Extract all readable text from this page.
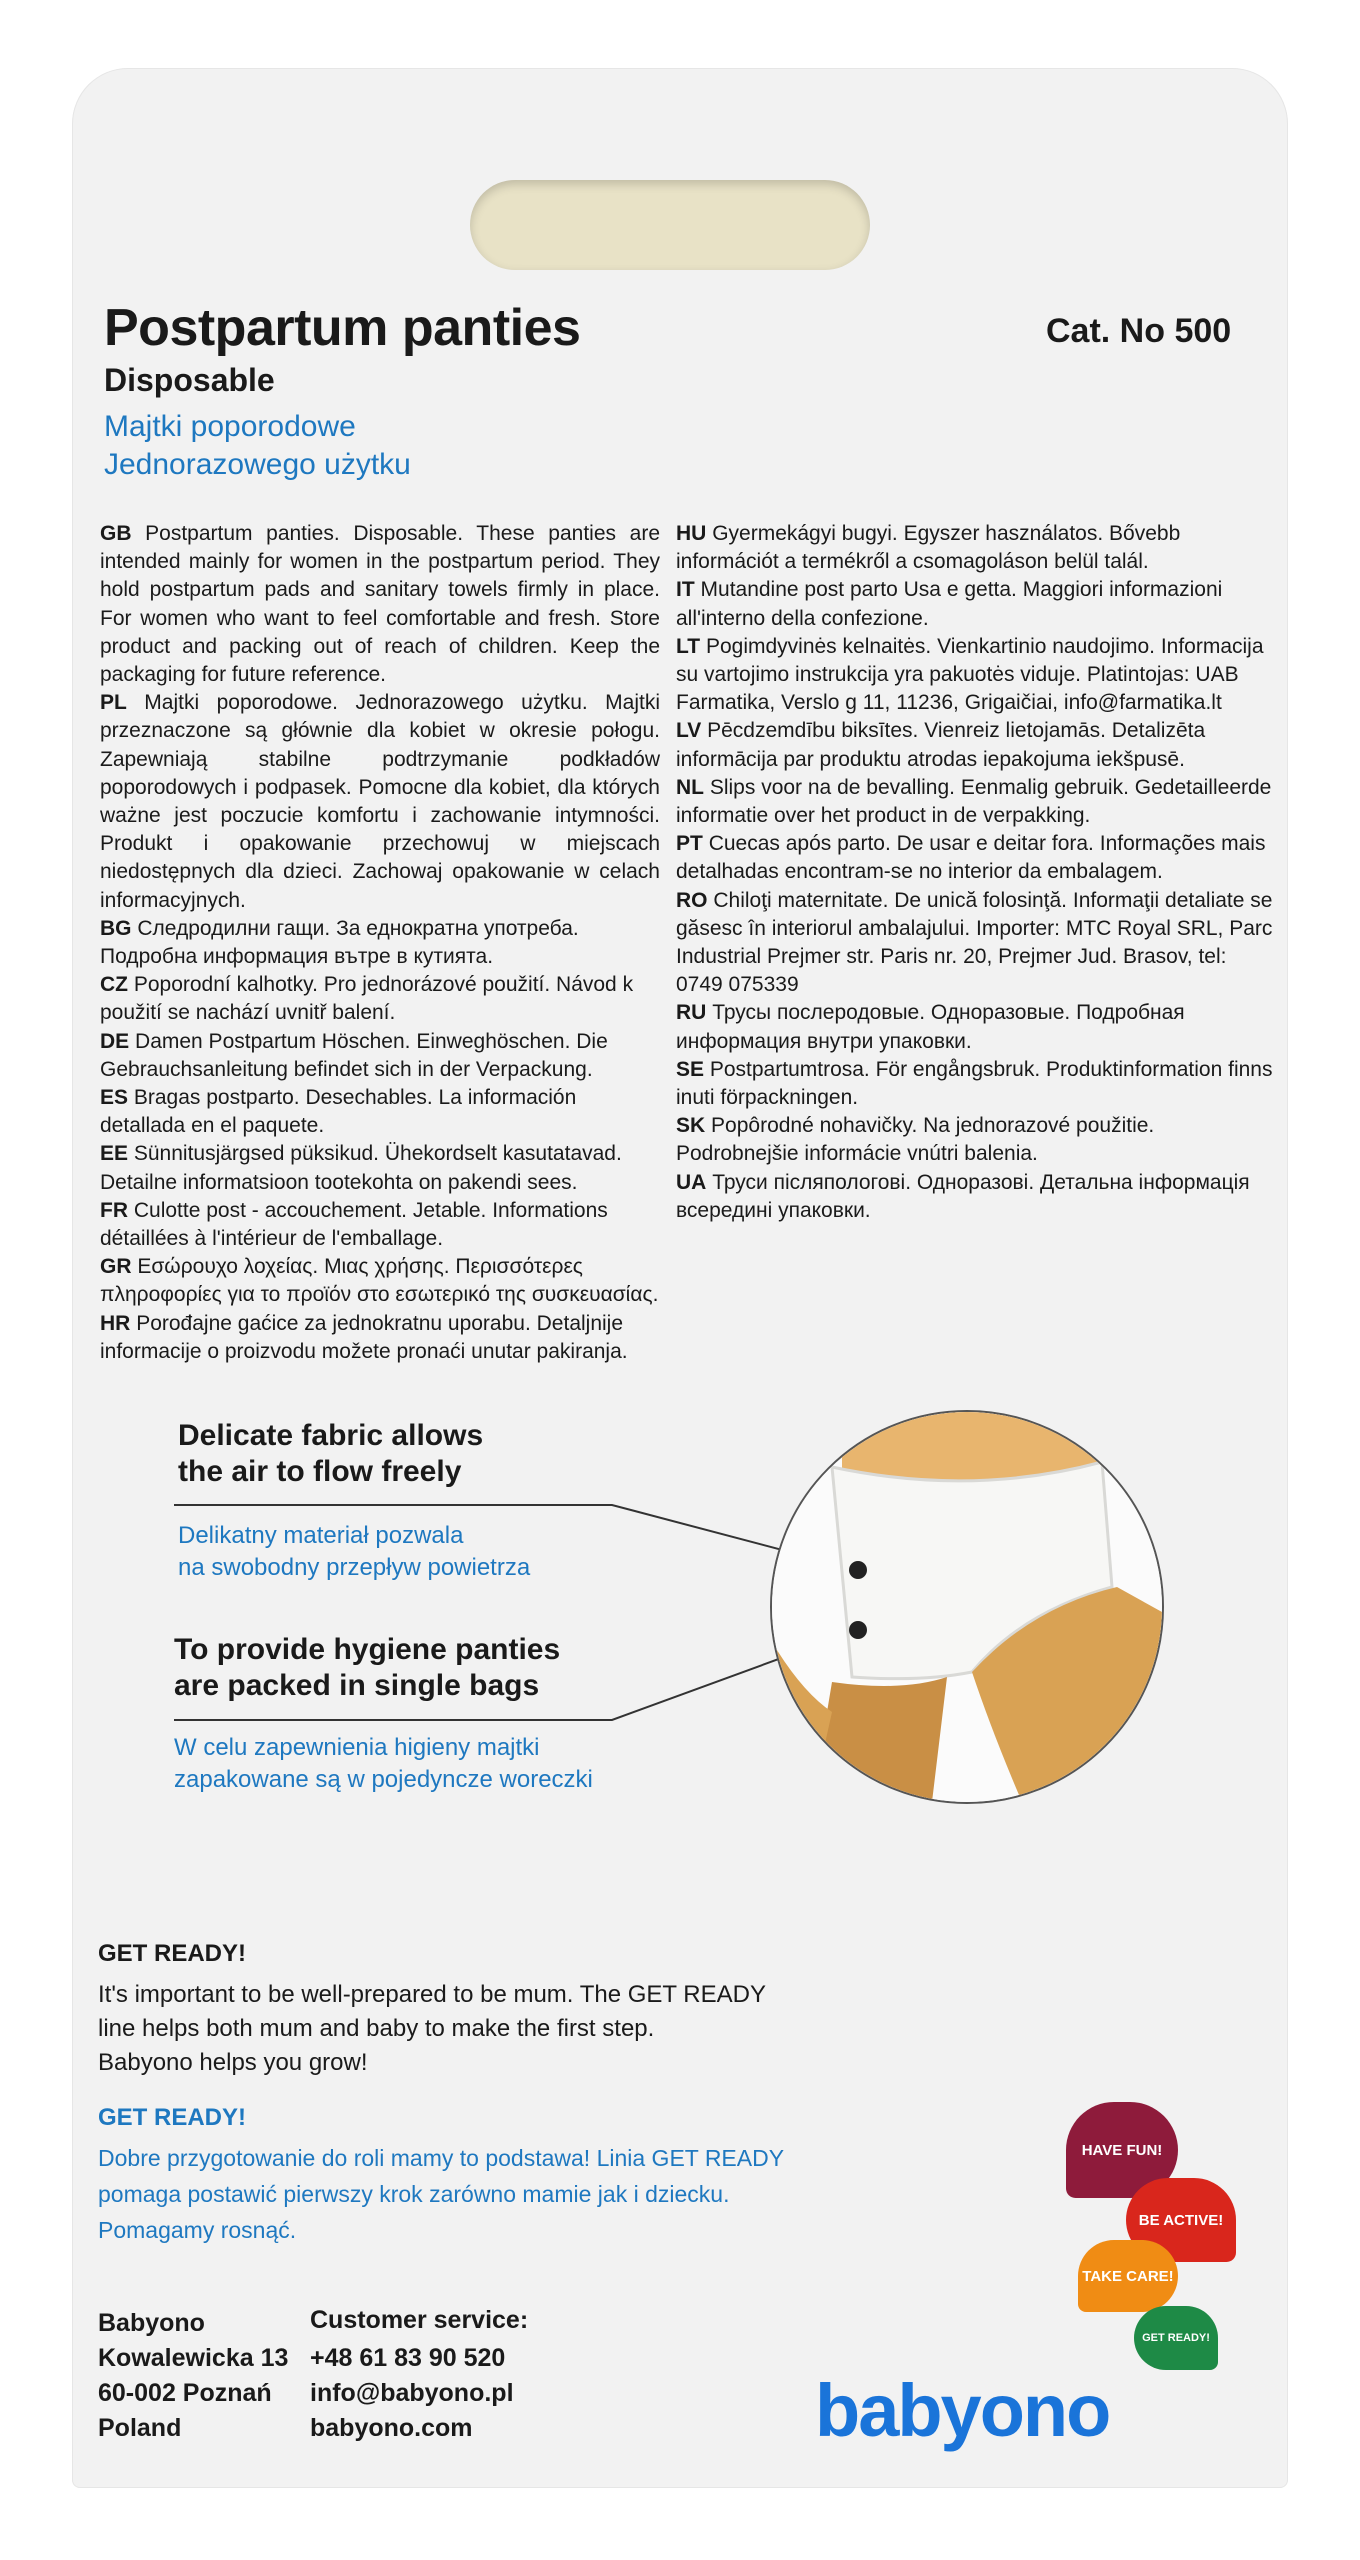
Postpartum panties	Cat. No 500
Disposable
Majtki poporodowe
Jednorazowego użytku

GB Postpartum panties. Disposable. These panties are intended mainly for women in the postpartum period. They hold postpartum pads and sanitary towels firmly in place. For women who want to feel comfortable and fresh. Store product and packing out of reach of children. Keep the packaging for future reference.

PL Majtki poporodowe. Jednorazowego użytku. Majtki przeznaczone są głównie dla kobiet w okresie połogu. Zapewniają stabilne podtrzymanie podkładów poporodowych i podpasek. Pomocne dla kobiet, dla których ważne jest poczucie komfortu i zachowanie intymności. Produkt i opakowanie przechowuj w miejscach niedostępnych dla dzieci. Zachowaj opakowanie w celach informacyjnych.

BG Следродилни гащи. За еднократна употреба. Подробна информация вътре в кутията.

CZ Poporodní kalhotky. Pro jednorázové použití. Návod k použití se nachází uvnitř balení.

DE Damen Postpartum Höschen. Einweghöschen. Die Gebrauchsanleitung befindet sich in der Verpackung.

ES Bragas postparto. Desechables. La información detallada en el paquete.

EE Sünnitusjärgsed püksikud. Ühekordselt kasutatavad. Detailne informatsioon tootekohta on pakendi sees.

FR Culotte post - accouchement. Jetable. Informations détaillées à l'intérieur de l'emballage.

GR Εσώρουχο λοχείας. Μιας χρήσης. Περισσότερες πληροφορίες για το προϊόν στο εσωτερικό της συσκευασίας.

HR Porođajne gaćice za jednokratnu uporabu. Detaljnije informacije o proizvodu možete pronaći unutar pakiranja.

HU Gyermekágyi bugyi. Egyszer használatos. Bővebb információt a termékről a csomagoláson belül talál.

IT Mutandine post parto Usa e getta. Maggiori informazioni all'interno della confezione.

LT Pogimdyvinės kelnaitės. Vienkartinio naudojimo. Informacija su vartojimo instrukcija yra pakuotės viduje. Platintojas: UAB Farmatika, Verslo g 11, 11236, Grigaičiai, info@farmatika.lt

LV Pēcdzemdību biksītes. Vienreiz lietojamās. Detalizēta informācija par produktu atrodas iepakojuma iekšpusē.

NL Slips voor na de bevalling. Eenmalig gebruik. Gedetailleerde informatie over het product in de verpakking.

PT Cuecas após parto. De usar e deitar fora. Informações mais detalhadas encontram-se no interior da embalagem.

RO Chiloţi maternitate. De unică folosinţă. Informaţii detaliate se găsesc în interiorul ambalajului. Importer: MTC Royal SRL, Parc Industrial Prejmer str. Paris nr. 20, Prejmer Jud. Brasov, tel: 0749 075339

RU Трусы послеродовые. Одноразовые. Подробная информация внутри упаковки.

SE Postpartumtrosa. För engångsbruk. Produktinformation finns inuti förpackningen.

SK Popôrodné nohavičky. Na jednorazové použitie. Podrobnejšie informácie vnútri balenia.

UA Труси післяпологові. Одноразові. Детальна інформація всередині упаковки.

Delicate fabric allows
the air to flow freely
Delikatny materiał pozwala
na swobodny przepływ powietrza
To provide hygiene panties
are packed in single bags
W celu zapewnienia higieny majtki
zapakowane są w pojedyncze woreczki
GET READY!
It's important to be well-prepared to be mum. The GET READY
line helps both mum and baby to make the first step.
Babyono helps you grow!
GET READY!
Dobre przygotowanie do roli mamy to podstawa! Linia GET READY
pomaga postawić pierwszy krok zarówno mamie jak i dziecku.
Pomagamy rosnąć.
Babyono
Kowalewicka 13
60-002 Poznań
Poland
Customer service:
+48 61 83 90 520
info@babyono.pl
babyono.com
HAVE FUN!
BE ACTIVE!
TAKE CARE!
GET READY!
babyono
